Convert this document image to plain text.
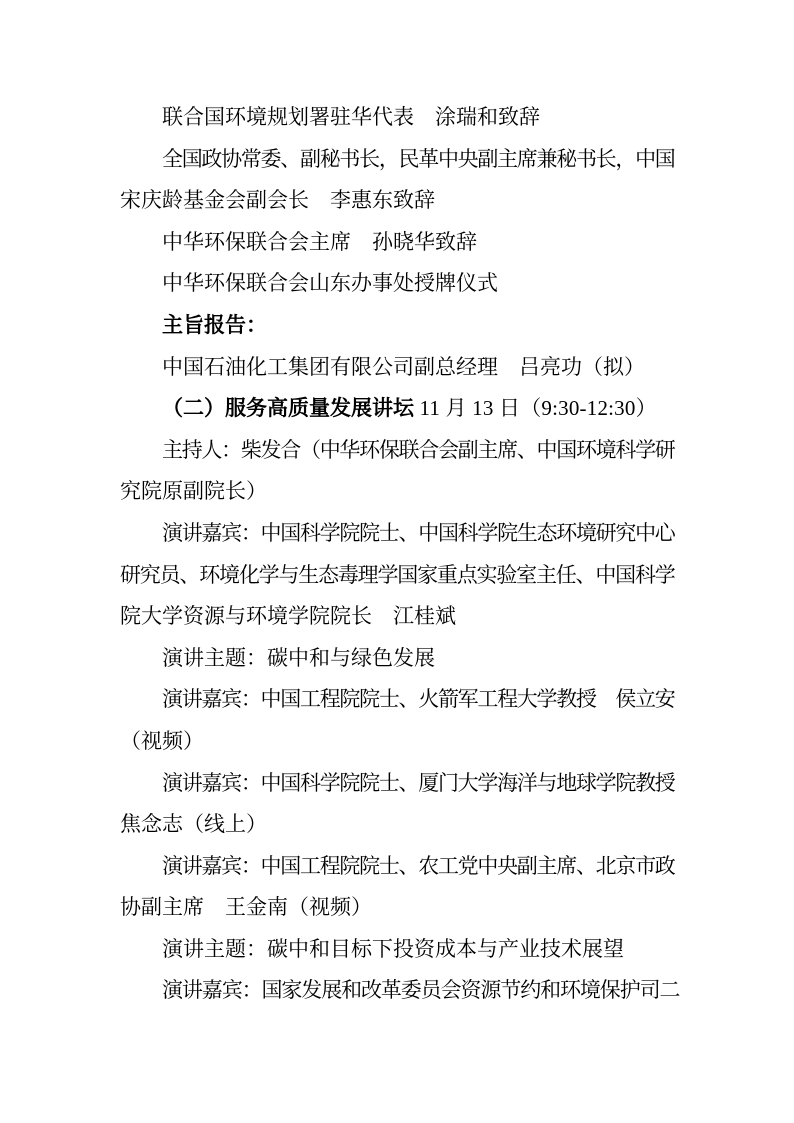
联合国环境规划署驻华代表　涂瑞和致辞
全国政协常委、副秘书长，民革中央副主席兼秘书长，中国
宋庆龄基金会副会长　李惠东致辞
中华环保联合会主席　孙晓华致辞
中华环保联合会山东办事处授牌仪式
主旨报告：
中国石油化工集团有限公司副总经理　吕亮功（拟）
（二）服务高质量发展讲坛 11 月 13 日（9:30-12:30）
主持人：柴发合（中华环保联合会副主席、中国环境科学研
究院原副院长）
演讲嘉宾：中国科学院院士、中国科学院生态环境研究中心
研究员、环境化学与生态毒理学国家重点实验室主任、中国科学
院大学资源与环境学院院长　江桂斌
演讲主题：碳中和与绿色发展
演讲嘉宾：中国工程院院士、火箭军工程大学教授　侯立安
（视频）
演讲嘉宾：中国科学院院士、厦门大学海洋与地球学院教授
焦念志（线上）
演讲嘉宾：中国工程院院士、农工党中央副主席、北京市政
协副主席　王金南（视频）
演讲主题：碳中和目标下投资成本与产业技术展望
演讲嘉宾：国家发展和改革委员会资源节约和环境保护司二
